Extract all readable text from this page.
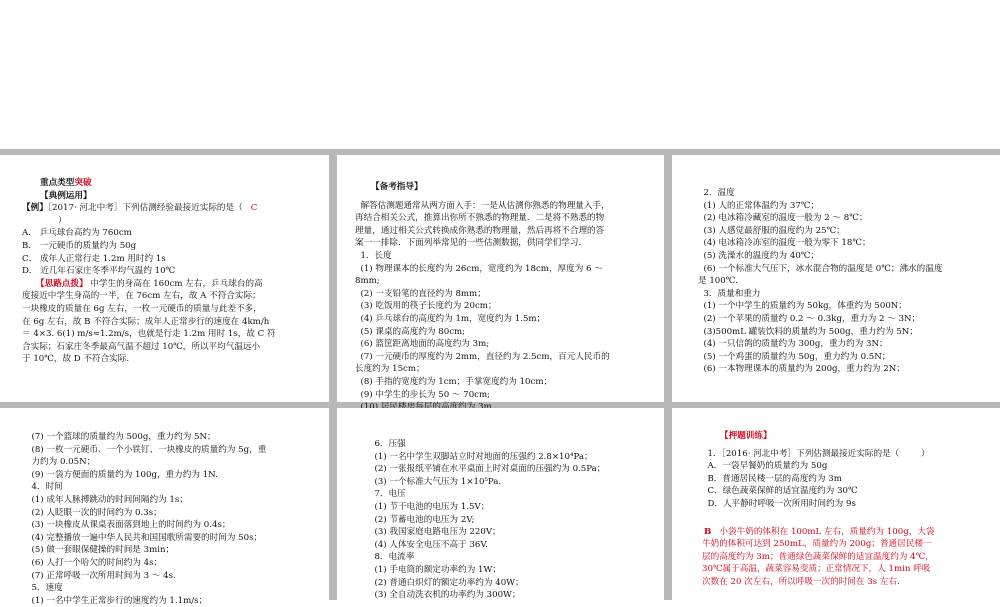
重点类型突破
【典例运用】
【例】［2017· 河北中考］下列估测经验最接近实际的是（ C
）
A． 乒乓球台高约为 760cm
B． 一元硬币的质量约为 50g
C． 成年人正常行走 1.2m 用时约 1s
D． 近几年石家庄冬季平均气温约 10℃
【思路点拨】 中学生的身高在 160cm 左右，乒乓球台的高
度接近中学生身高的一半，在 76cm 左右，故 A 不符合实际；
一块橡皮的质量在 6g 左右，一枚一元硬币的质量与此差不多，
在 6g 左右，故 B 不符合实际；成年人正常步行的速度在 4km/h
＝ 4×3. 6(1) m/s≈1.2m/s，也就是行走 1.2m 用时 1s，故 C 符
合实际；石家庄冬季最高气温不超过 10℃，所以平均气温远小
于 10℃，故 D 不符合实际.
【备考指导】
解答估测题通常从两方面入手：一是从估测你熟悉的物理量入手，
再结合相关公式，推算出你所不熟悉的物理量．二是将不熟悉的物
理量，通过相关公式转换成你熟悉的物理量，然后再将不合理的答
案一一排除．下面列举常见的一些估测数据，供同学们学习．
1．长度
(1) 物理课本的长度约为 26cm，宽度约为 18cm，厚度为 6 ～
8mm;
(2) 一支铅笔的直径约为 8mm；
(3) 吃饭用的筷子长度约为 20cm；
(4) 乒乓球台的高度约为 1m，宽度约为 1.5m；
(5) 课桌的高度约为 80cm;
(6) 篮筐距离地面的高度约为 3m;
(7) 一元硬币的厚度约为 2mm，直径约为 2.5cm，百元人民币的
长度约为 15cm；
(8) 手指的宽度约为 1cm；手掌宽度约为 10cm；
(9) 中学生的步长为 50 ～ 70cm;
2．温度
(1) 人的正常体温约为 37℃；
(2) 电冰箱冷藏室的温度一般为 2 ～ 8℃；
(3) 人感觉最舒服的温度约为 25℃；
(4) 电冰箱冷冻室的温度一般为零下 18℃；
(5) 洗澡水的温度约为 40℃；
(6) 一个标准大气压下，冰水混合物的温度是 0℃；沸水的温度
是 100℃.
3．质量和重力
(1) 一个中学生的质量约为 50kg，体重约为 500N；
(2) 一个苹果的质量约 0.2 ～ 0.3kg，重力为 2 ～ 3N；
(3)500mL 罐装饮料的质量约为 500g，重力约为 5N；
(4) 一只信鸽的质量约为 300g，重力约为 3N；
(5) 一个鸡蛋的质量约为 50g，重力约为 0.5N；
(6) 一本物理课本的质量约为 200g，重力约为 2N；
(7) 一个篮球的质量约为 500g，重力约为 5N；
(8) 一枚一元硬币、一个小铁钉、一块橡皮的质量约为 5g，重
力约为 0.05N；
(9) 一袋方便面的质量约为 100g，重力约为 1N.
4．时间
(1) 成年人脉搏跳动的时间间隔约为 1s；
(2) 人眨眼一次的时间约为 0.3s；
(3) 一块橡皮从课桌表面落到地上的时间约为 0.4s；
(4) 完整播放一遍中华人民共和国国歌所需要的时间为 50s；
(5) 做一套眼保健操的时间是 3min；
(6) 人打一个哈欠的时间约为 4s；
(7) 正常呼吸一次所用时间为 3 ～ 4s.
5．速度
(1) 一名中学生正常步行的速度约为 1.1m/s；
6．压强
(1) 一名中学生双脚站立时对地面的压强约 2.8×10⁴Pa；
(2) 一张报纸平铺在水平桌面上时对桌面的压强约为 0.5Pa；
(3) 一个标准大气压为 1×10⁵Pa.
7．电压
(1) 节干电池的电压为 1.5V；
(2) 节蓄电池的电压为 2V;
(3) 我国家庭电路电压为 220V；
(4) 人体安全电压不高于 36V.
8．电流率
(1) 手电筒的额定功率约为 1W；
(2) 普通白炽灯的额定功率约为 40W；
(3) 全自动洗衣机的功率约为 300W；
【押题训练】
1．［2016· 河北中考］下列估测最接近实际的是（        ）
A．一袋早餐奶的质量约为 50g
B．普通居民楼一层的高度约为 3m
C．绿色蔬菜保鲜的适宜温度约为 30℃
D．人平静时呼吸一次所用时间约为 9s
B   小袋牛奶的体积在 100mL 左右，质量约为 100g，大袋
牛奶的体积可达到 250mL，质量约为 200g；普通居民楼一
层的高度约为 3m；普通绿色蔬菜保鲜的适宜温度约为 4℃，
30℃属于高温，蔬菜容易变质；正常情况下，人 1min 呼吸
次数在 20 次左右，所以呼吸一次的时间在 3s 左右.
